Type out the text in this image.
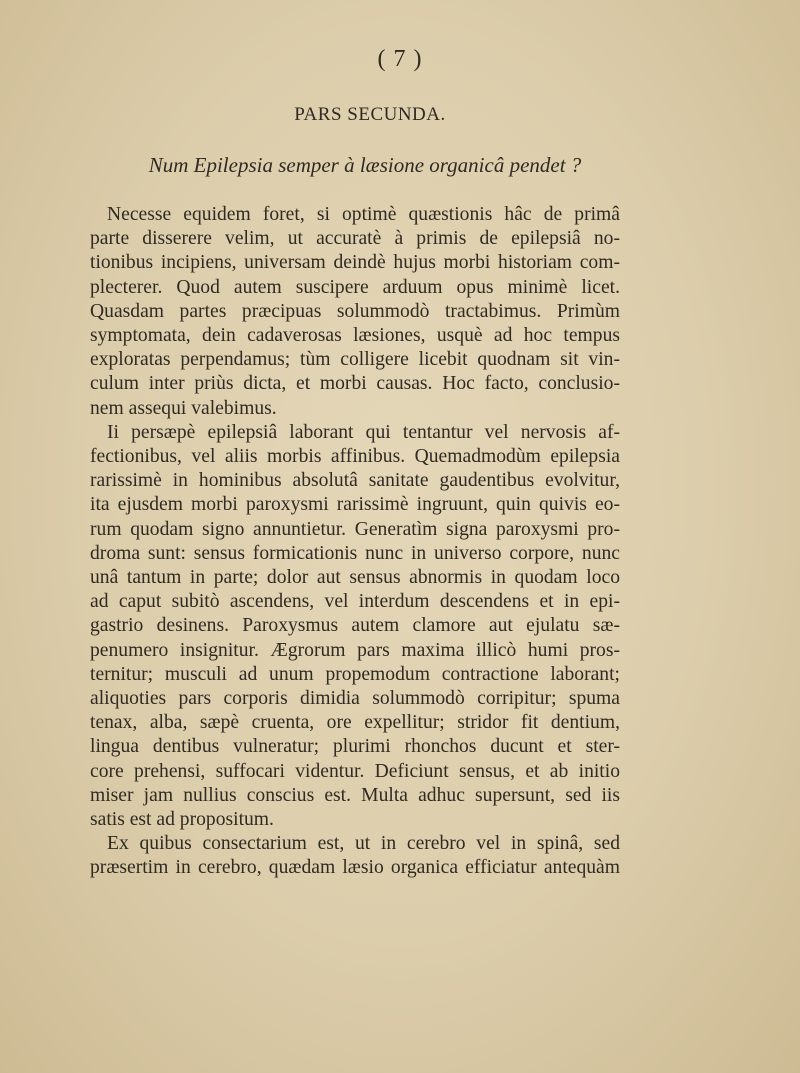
( 7 )
PARS SECUNDA.
Num Epilepsia semper à læsione organicâ pendet ?
Necesse equidem foret, si optimè quæstionis hâc de primâ
parte disserere velim, ut accuratè à primis de epilepsiâ no-
tionibus incipiens, universam deindè hujus morbi historiam com-
plecterer. Quod autem suscipere arduum opus minimè licet.
Quasdam partes præcipuas solummodò tractabimus. Primùm
symptomata, dein cadaverosas læsiones, usquè ad hoc tempus
exploratas perpendamus; tùm colligere licebit quodnam sit vin-
culum inter priùs dicta, et morbi causas. Hoc facto, conclusio-
nem assequi valebimus.
Ii persæpè epilepsiâ laborant qui tentantur vel nervosis af-
fectionibus, vel aliis morbis affinibus. Quemadmodùm epilepsia
rarissimè in hominibus absolutâ sanitate gaudentibus evolvitur,
ita ejusdem morbi paroxysmi rarissimè ingruunt, quin quivis eo-
rum quodam signo annuntietur. Generatìm signa paroxysmi pro-
droma sunt: sensus formicationis nunc in universo corpore, nunc
unâ tantum in parte; dolor aut sensus abnormis in quodam loco
ad caput subitò ascendens, vel interdum descendens et in epi-
gastrio desinens. Paroxysmus autem clamore aut ejulatu sæ-
penumero insignitur. Ægrorum pars maxima illicò humi pros-
ternitur; musculi ad unum propemodum contractione laborant;
aliquoties pars corporis dimidia solummodò corripitur; spuma
tenax, alba, sæpè cruenta, ore expellitur; stridor fit dentium,
lingua dentibus vulneratur; plurimi rhonchos ducunt et ster-
core prehensi, suffocari videntur. Deficiunt sensus, et ab initio
miser jam nullius conscius est. Multa adhuc supersunt, sed iis
satis est ad propositum.
Ex quibus consectarium est, ut in cerebro vel in spinâ, sed
præsertim in cerebro, quædam læsio organica efficiatur antequàm
